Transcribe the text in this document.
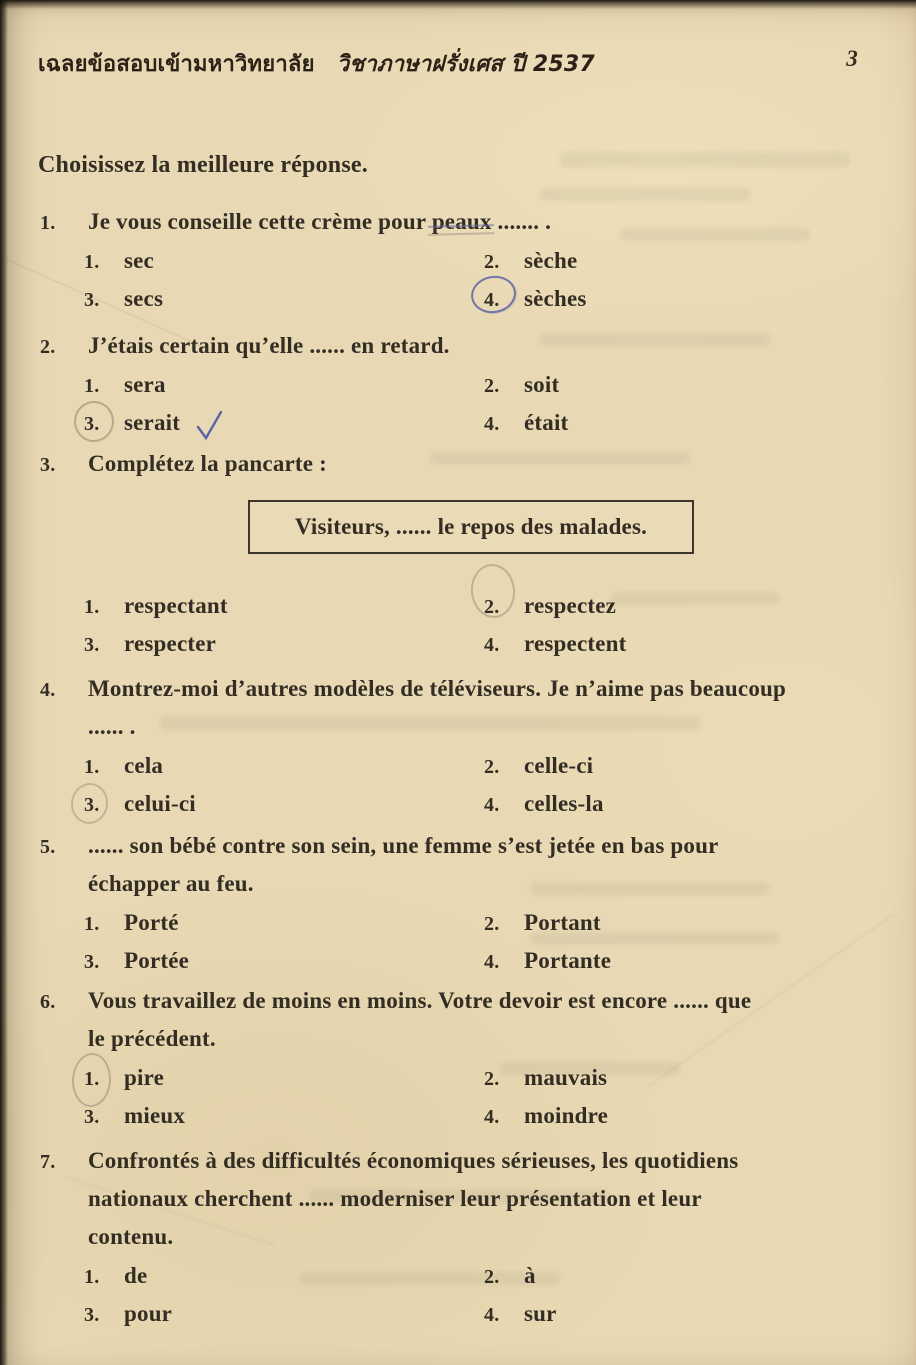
เฉลยข้อสอบเข้ามหาวิทยาลัย วิชาภาษาฝรั่งเศส ปี 2537	3
Choisissez la meilleure réponse.
1. Je vous conseille cette crème pour peaux ....... .
1. sec	2. sèche
3. secs	4. sèches
2. J’étais certain qu’elle ...... en retard.
1. sera	2. soit
3. serait	4. était
3. Complétez la pancarte :
Visiteurs, ...... le repos des malades.
1. respectant	2. respectez
3. respecter	4. respectent
4. Montrez-moi d’autres modèles de téléviseurs. Je n’aime pas beaucoup
...... .
1. cela	2. celle-ci
3. celui-ci	4. celles-la
5. ...... son bébé contre son sein, une femme s’est jetée en bas pour
échapper au feu.
1. Porté	2. Portant
3. Portée	4. Portante
6. Vous travaillez de moins en moins. Votre devoir est encore ...... que
le précédent.
1. pire	2. mauvais
3. mieux	4. moindre
7. Confrontés à des difficultés économiques sérieuses, les quotidiens
nationaux cherchent ...... moderniser leur présentation et leur
contenu.
1. de	2. à
3. pour	4. sur
